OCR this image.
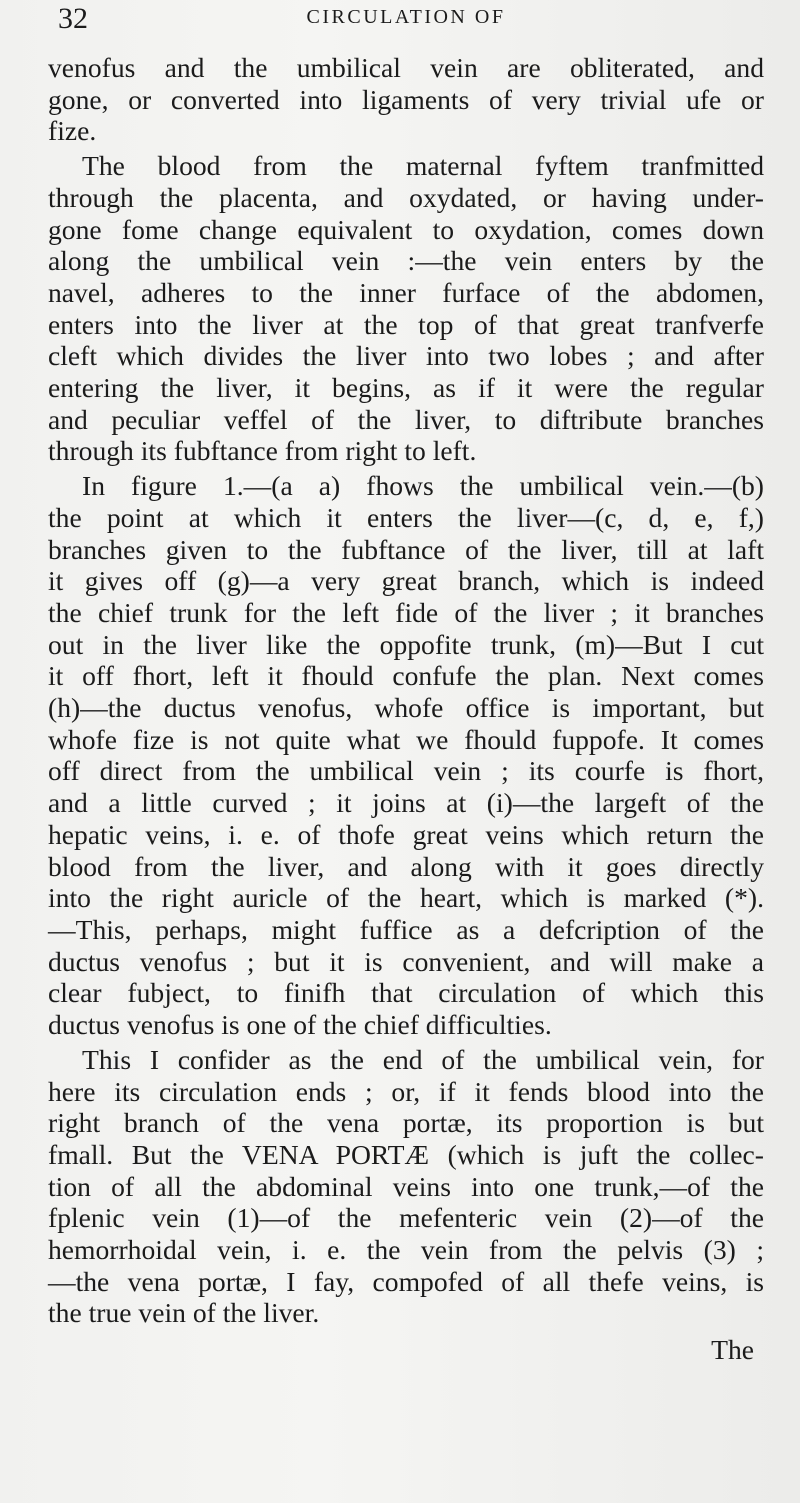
32	CIRCULATION OF
venofus and the umbilical vein are obliterated, and
gone, or converted into ligaments of very trivial ufe or
fize.
The blood from the maternal fyftem tranfmitted
through the placenta, and oxydated, or having under-
gone fome change equivalent to oxydation, comes down
along the umbilical vein :—the vein enters by the
navel, adheres to the inner furface of the abdomen,
enters into the liver at the top of that great tranfverfe
cleft which divides the liver into two lobes ; and after
entering the liver, it begins, as if it were the regular
and peculiar veffel of the liver, to diftribute branches
through its fubftance from right to left.
In figure 1.—(a a) fhows the umbilical vein.—(b)
the point at which it enters the liver—(c, d, e, f,)
branches given to the fubftance of the liver, till at laft
it gives off (g)—a very great branch, which is indeed
the chief trunk for the left fide of the liver ; it branches
out in the liver like the oppofite trunk, (m)—But I cut
it off fhort, left it fhould confufe the plan. Next comes
(h)—the ductus venofus, whofe office is important, but
whofe fize is not quite what we fhould fuppofe. It comes
off direct from the umbilical vein ; its courfe is fhort,
and a little curved ; it joins at (i)—the largeft of the
hepatic veins, i. e. of thofe great veins which return the
blood from the liver, and along with it goes directly
into the right auricle of the heart, which is marked (*).
—This, perhaps, might fuffice as a defcription of the
ductus venofus ; but it is convenient, and will make a
clear fubject, to finifh that circulation of which this
ductus venofus is one of the chief difficulties.
This I confider as the end of the umbilical vein, for
here its circulation ends ; or, if it fends blood into the
right branch of the vena portæ, its proportion is but
fmall. But the VENA PORTÆ (which is juft the collec-
tion of all the abdominal veins into one trunk,—of the
fplenic vein (1)—of the mefenteric vein (2)—of the
hemorrhoidal vein, i. e. the vein from the pelvis (3) ;
—the vena portæ, I fay, compofed of all thefe veins, is
the true vein of the liver.
The
